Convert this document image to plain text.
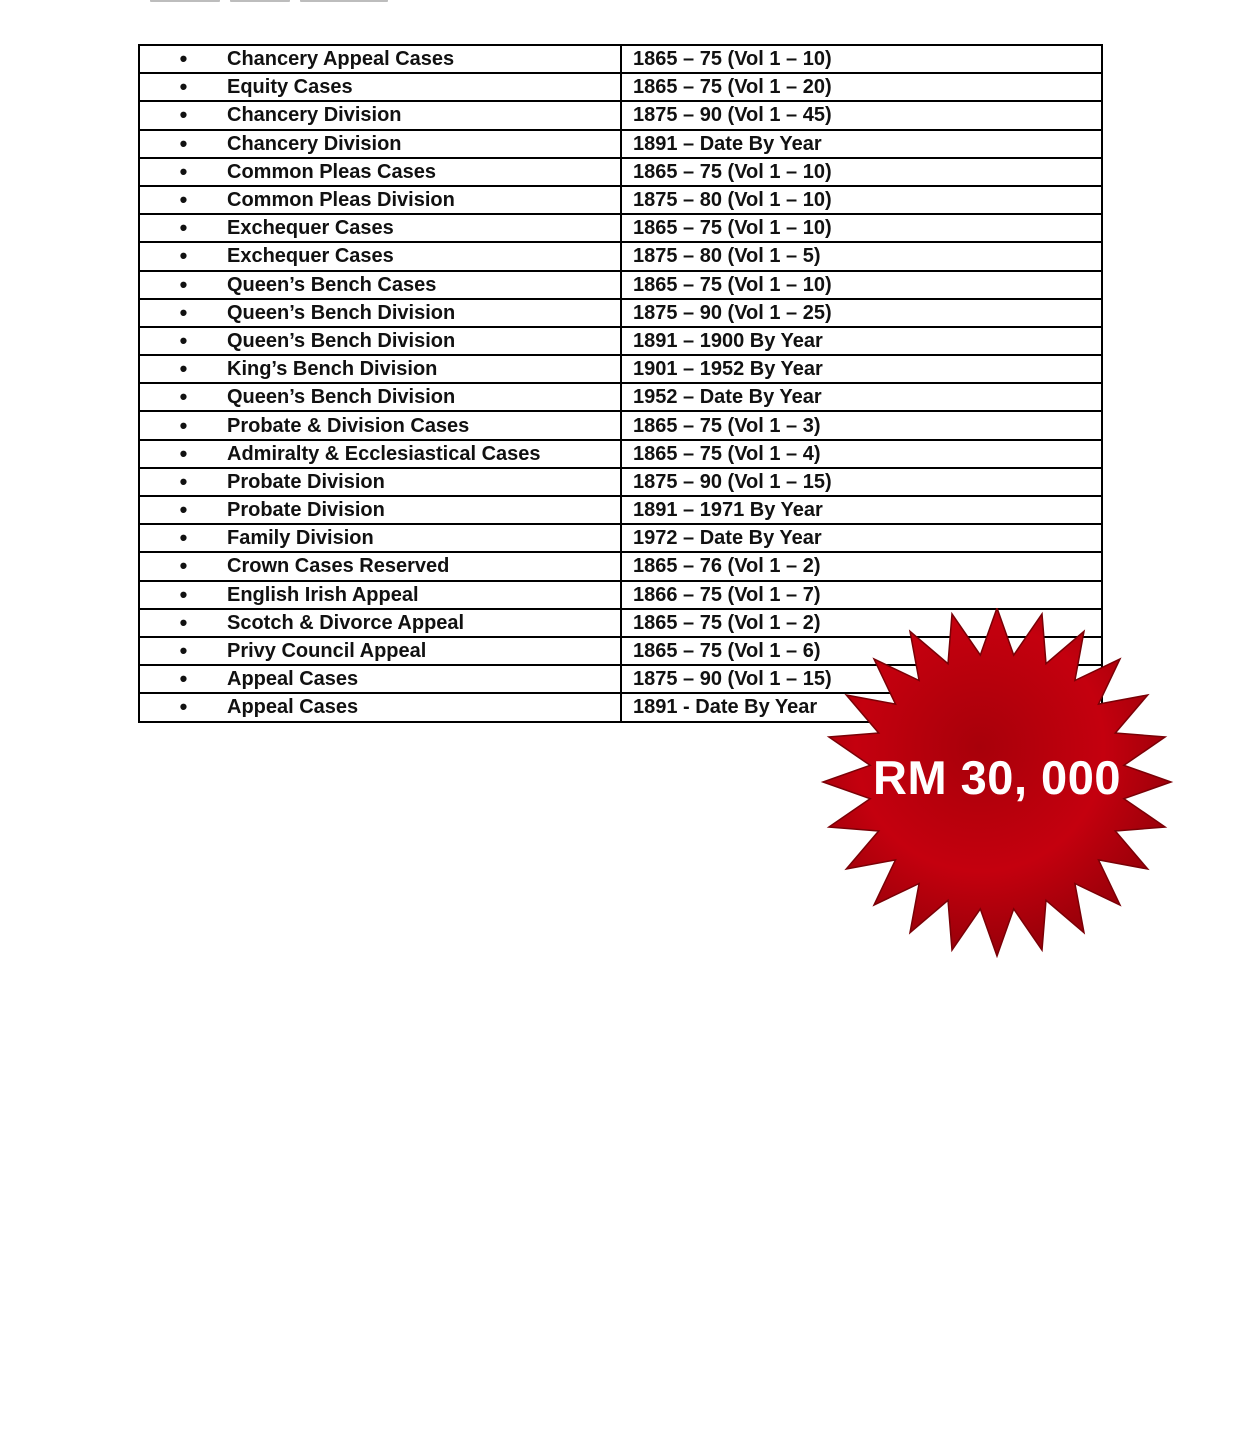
• Chancery Appeal Cases	1865 – 75 (Vol 1 – 10)
• Equity Cases	1865 – 75 (Vol 1 – 20)
• Chancery Division	1875 – 90 (Vol 1 – 45)
• Chancery Division	1891 – Date By Year
• Common Pleas Cases	1865 – 75 (Vol 1 – 10)
• Common Pleas Division	1875 – 80 (Vol 1 – 10)
• Exchequer Cases	1865 – 75 (Vol 1 – 10)
• Exchequer Cases	1875 – 80 (Vol 1 – 5)
• Queen’s Bench Cases	1865 – 75 (Vol 1 – 10)
• Queen’s Bench Division	1875 – 90 (Vol 1 – 25)
• Queen’s Bench Division	1891 – 1900 By Year
• King’s Bench Division	1901 – 1952 By Year
• Queen’s Bench Division	1952 – Date By Year
• Probate & Division Cases	1865 – 75 (Vol 1 – 3)
• Admiralty & Ecclesiastical Cases	1865 – 75 (Vol 1 – 4)
• Probate Division	1875 – 90 (Vol 1 – 15)
• Probate Division	1891 – 1971 By Year
• Family Division	1972 – Date By Year
• Crown Cases Reserved	1865 – 76 (Vol 1 – 2)
• English Irish Appeal	1866 – 75 (Vol 1 – 7)
• Scotch & Divorce Appeal	1865 – 75 (Vol 1 – 2)
• Privy Council Appeal	1865 – 75 (Vol 1 – 6)
• Appeal Cases	1875 – 90 (Vol 1 – 15)
• Appeal Cases	1891 - Date By Year
RM 30, 000
